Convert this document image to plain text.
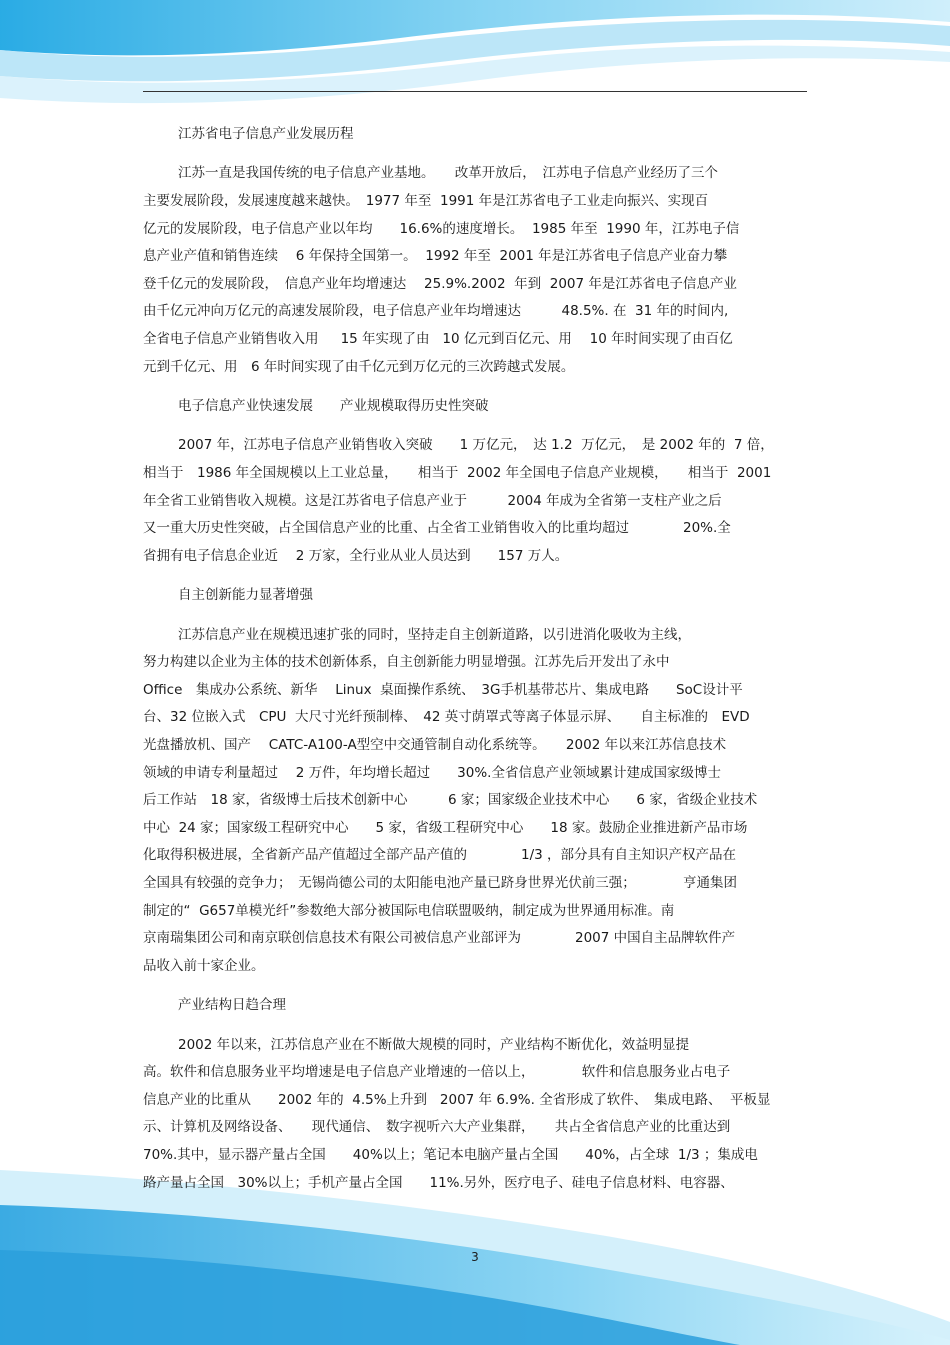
江苏省电子信息产业发展历程
江苏一直是我国传统的电子信息产业基地。　　改革开放后，　江苏电子信息产业经历了三个
主要发展阶段，发展速度越来越快。　1977 年至  1991 年是江苏省电子工业走向振兴、实现百
亿元的发展阶段，电子信息产业以年均　　16.6%的速度增长。  1985 年至  1990 年，江苏电子信
息产业产值和销售连续　 6 年保持全国第一。  1992 年至  2001 年是江苏省电子信息产业奋力攀
登千亿元的发展阶段，　信息产业年均增速达　 25.9%.2002  年到  2007 年是江苏省电子信息产业
由千亿元冲向万亿元的高速发展阶段，电子信息产业年均增速达　　　48.5%. 在  31 年的时间内,
全省电子信息产业销售收入用　  15 年实现了由   10 亿元到百亿元、用　 10 年时间实现了由百亿
元到千亿元、用　6 年时间实现了由千亿元到万亿元的三次跨越式发展。
电子信息产业快速发展　　产业规模取得历史性突破
2007 年，江苏电子信息产业销售收入突破　　1 万亿元，　达 1.2  万亿元，　是 2002 年的  7 倍，
相当于　1986 年全国规模以上工业总量，　　相当于  2002 年全国电子信息产业规模，　　相当于  2001
年全省工业销售收入规模。这是江苏省电子信息产业于　　　2004 年成为全省第一支柱产业之后
又一重大历史性突破，占全国信息产业的比重、占全省工业销售收入的比重均超过　　　　20%.全
省拥有电子信息企业近　 2 万家，全行业从业人员达到　　157 万人。
自主创新能力显著增强
江苏信息产业在规模迅速扩张的同时，坚持走自主创新道路，以引进消化吸收为主线，
努力构建以企业为主体的技术创新体系，自主创新能力明显增强。江苏先后开发出了永中
Office　集成办公系统、新华　 Linux  桌面操作系统、　3G手机基带芯片、集成电路　　SoC设计平
台、32 位嵌入式　CPU  大尺寸光纤预制棒、　42 英寸荫罩式等离子体显示屏、　　自主标准的　EVD
光盘播放机、国产　 CATC-A100-A型空中交通管制自动化系统等。　　2002 年以来江苏信息技术
领域的申请专利量超过　 2 万件，年均增长超过　　30%.全省信息产业领域累计建成国家级博士
后工作站　18 家，省级博士后技术创新中心　　　6 家；国家级企业技术中心　　6 家，省级企业技术
中心  24 家；国家级工程研究中心　　5 家，省级工程研究中心　　18 家。鼓励企业推进新产品市场
化取得积极进展，全省新产品产值超过全部产品产值的　　　　1/3 ，部分具有自主知识产权产品在
全国具有较强的竞争力；　无锡尚德公司的太阳能电池产量已跻身世界光伏前三强；　　　　亨通集团
制定的“  G657单模光纤”参数绝大部分被国际电信联盟吸纳，制定成为世界通用标准。南
京南瑞集团公司和南京联创信息技术有限公司被信息产业部评为　　　　2007 中国自主品牌软件产
品收入前十家企业。
产业结构日趋合理
2002 年以来，江苏信息产业在不断做大规模的同时，产业结构不断优化，效益明显提
高。软件和信息服务业平均增速是电子信息产业增速的一倍以上，　　　　软件和信息服务业占电子
信息产业的比重从　　2002 年的  4.5%上升到   2007 年 6.9%. 全省形成了软件、　集成电路、  平板显
示、计算机及网络设备、　　现代通信、　数字视听六大产业集群，　　共占全省信息产业的比重达到
70%.其中，显示器产量占全国　　40%以上；笔记本电脑产量占全国　　40%，占全球  1/3 ；集成电
路产量占全国　30%以上；手机产量占全国　　11%.另外，医疗电子、硅电子信息材料、电容器、
3
